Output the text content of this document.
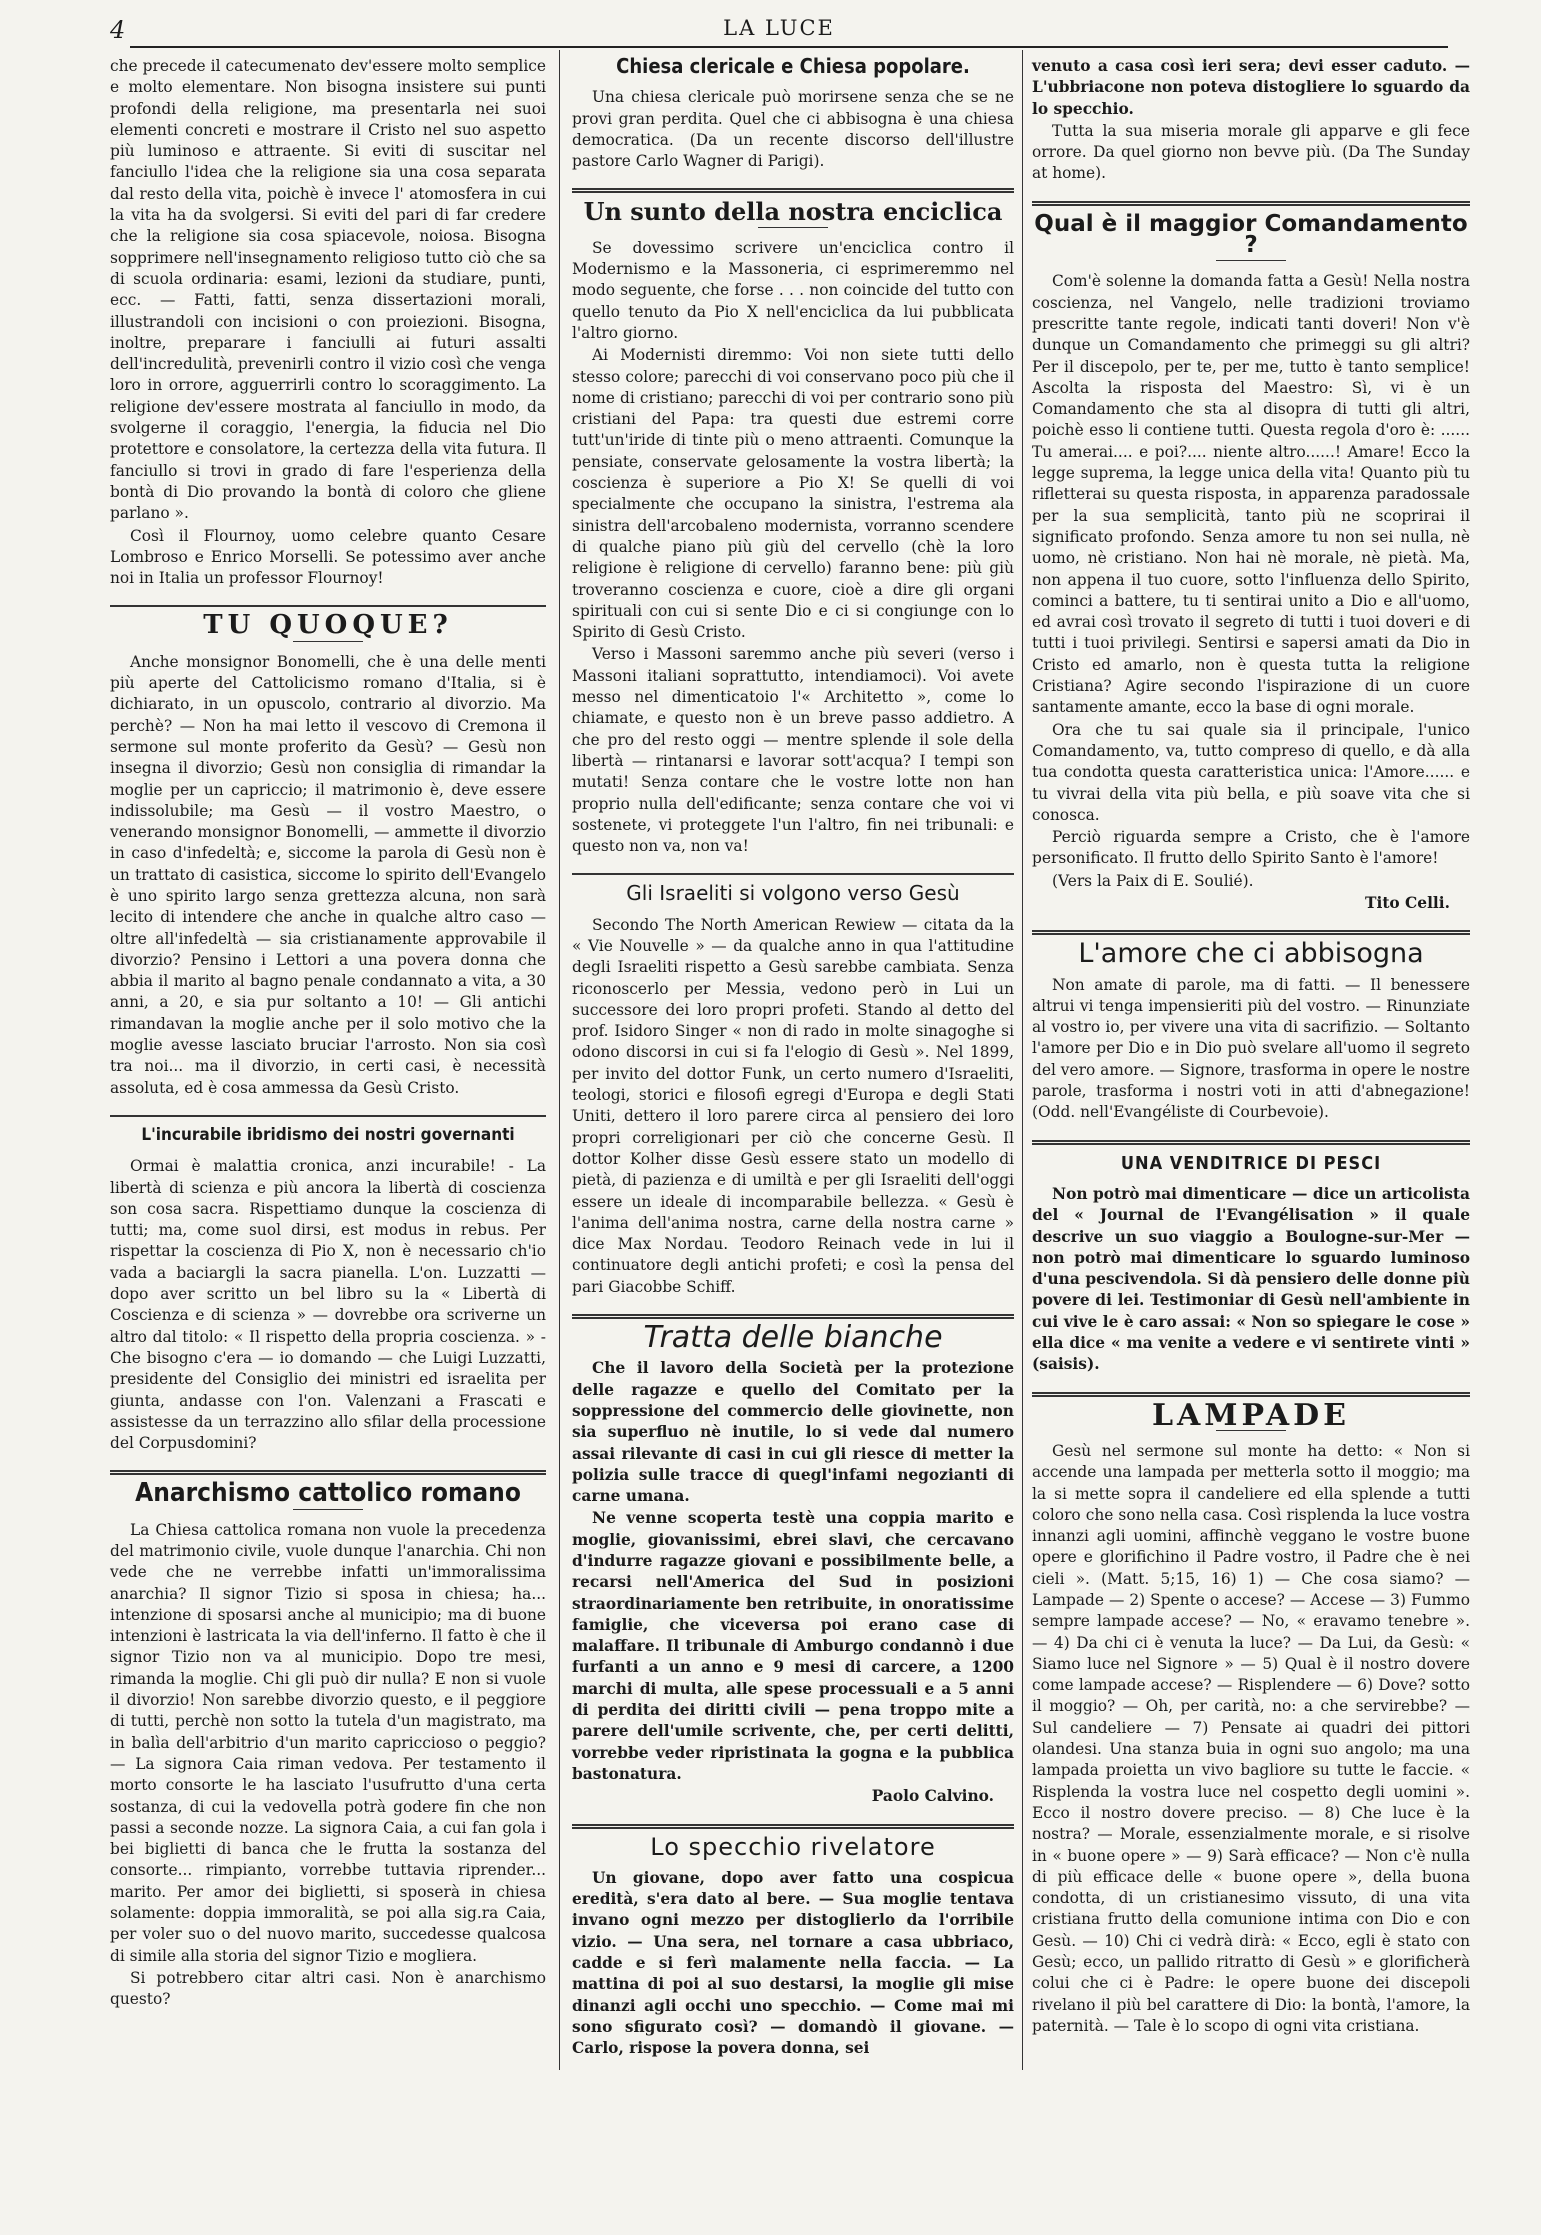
4	LA LUCE

che precede il catecumenato dev'essere molto semplice e molto elementare. Non bisogna insistere sui punti profondi della religione, ma presentarla nei suoi elementi concreti e mostrare il Cristo nel suo aspetto più luminoso e attraente. Si eviti di suscitar nel fanciullo l'idea che la religione sia una cosa separata dal resto della vita, poichè è invece l' atomosfera in cui la vita ha da svolgersi. Si eviti del pari di far credere che la religione sia cosa spiacevole, noiosa. Bisogna sopprimere nell'insegnamento religioso tutto ciò che sa di scuola ordinaria: esami, lezioni da studiare, punti, ecc. — Fatti, fatti, senza dissertazioni morali, illustrandoli con incisioni o con proiezioni. Bisogna, inoltre, preparare i fanciulli ai futuri assalti dell'incredulità, prevenirli contro il vizio così che venga loro in orrore, agguerrirli contro lo scoraggimento. La religione dev'essere mostrata al fanciullo in modo, da svolgerne il coraggio, l'energia, la fiducia nel Dio protettore e consolatore, la certezza della vita futura. Il fanciullo si trovi in grado di fare l'esperienza della bontà di Dio provando la bontà di coloro che gliene parlano ».

Così il Flournoy, uomo celebre quanto Cesare Lombroso e Enrico Morselli. Se potessimo aver anche noi in Italia un professor Flournoy!

TU QUOQUE?

Anche monsignor Bonomelli, che è una delle menti più aperte del Cattolicismo romano d'Italia, si è dichiarato, in un opuscolo, contrario al divorzio. Ma perchè? — Non ha mai letto il vescovo di Cremona il sermone sul monte proferito da Gesù? — Gesù non insegna il divorzio; Gesù non consiglia di rimandar la moglie per un capriccio; il matrimonio è, deve essere indissolubile; ma Gesù — il vostro Maestro, o venerando monsignor Bonomelli, — ammette il divorzio in caso d'infedeltà; e, siccome la parola di Gesù non è un trattato di casistica, siccome lo spirito dell'Evangelo è uno spirito largo senza grettezza alcuna, non sarà lecito di intendere che anche in qualche altro caso — oltre all'infedeltà — sia cristianamente approvabile il divorzio? Pensino i Lettori a una povera donna che abbia il marito al bagno penale condannato a vita, a 30 anni, a 20, e sia pur soltanto a 10! — Gli antichi rimandavan la moglie anche per il solo motivo che la moglie avesse lasciato bruciar l'arrosto. Non sia così tra noi... ma il divorzio, in certi casi, è necessità assoluta, ed è cosa ammessa da Gesù Cristo.

L'incurabile ibridismo dei nostri governanti

Ormai è malattia cronica, anzi incurabile! - La libertà di scienza e più ancora la libertà di coscienza son cosa sacra. Rispettiamo dunque la coscienza di tutti; ma, come suol dirsi, est modus in rebus. Per rispettar la coscienza di Pio X, non è necessario ch'io vada a baciargli la sacra pianella. L'on. Luzzatti — dopo aver scritto un bel libro su la « Libertà di Coscienza e di scienza » — dovrebbe ora scriverne un altro dal titolo: « Il rispetto della propria coscienza. » - Che bisogno c'era — io domando — che Luigi Luzzatti, presidente del Consiglio dei ministri ed israelita per giunta, andasse con l'on. Valenzani a Frascati e assistesse da un terrazzino allo sfilar della processione del Corpusdomini?

Anarchismo cattolico romano

La Chiesa cattolica romana non vuole la precedenza del matrimonio civile, vuole dunque l'anarchia. Chi non vede che ne verrebbe infatti un'immoralissima anarchia? Il signor Tizio si sposa in chiesa; ha... intenzione di sposarsi anche al municipio; ma di buone intenzioni è lastricata la via dell'inferno. Il fatto è che il signor Tizio non va al municipio. Dopo tre mesi, rimanda la moglie. Chi gli può dir nulla? E non si vuole il divorzio! Non sarebbe divorzio questo, e il peggiore di tutti, perchè non sotto la tutela d'un magistrato, ma in balìa dell'arbitrio d'un marito capriccioso o peggio? — La signora Caia riman vedova. Per testamento il morto consorte le ha lasciato l'usufrutto d'una certa sostanza, di cui la vedovella potrà godere fin che non passi a seconde nozze. La signora Caia, a cui fan gola i bei biglietti di banca che le frutta la sostanza del consorte... rimpianto, vorrebbe tuttavia riprender... marito. Per amor dei biglietti, si sposerà in chiesa solamente: doppia immoralità, se poi alla sig.ra Caia, per voler suo o del nuovo marito, succedesse qualcosa di simile alla storia del signor Tizio e mogliera.

Si potrebbero citar altri casi. Non è anarchismo questo?

Chiesa clericale e Chiesa popolare.

Una chiesa clericale può morirsene senza che se ne provi gran perdita. Quel che ci abbisogna è una chiesa democratica. (Da un recente discorso dell'illustre pastore Carlo Wagner di Parigi).

Un sunto della nostra enciclica

Se dovessimo scrivere un'enciclica contro il Modernismo e la Massoneria, ci esprimeremmo nel modo seguente, che forse . . . non coincide del tutto con quello tenuto da Pio X nell'enciclica da lui pubblicata l'altro giorno.

Ai Modernisti diremmo: Voi non siete tutti dello stesso colore; parecchi di voi conservano poco più che il nome di cristiano; parecchi di voi per contrario sono più cristiani del Papa: tra questi due estremi corre tutt'un'iride di tinte più o meno attraenti. Comunque la pensiate, conservate gelosamente la vostra libertà; la coscienza è superiore a Pio X! Se quelli di voi specialmente che occupano la sinistra, l'estrema ala sinistra dell'arcobaleno modernista, vorranno scendere di qualche piano più giù del cervello (chè la loro religione è religione di cervello) faranno bene: più giù troveranno coscienza e cuore, cioè a dire gli organi spirituali con cui si sente Dio e ci si congiunge con lo Spirito di Gesù Cristo.

Verso i Massoni saremmo anche più severi (verso i Massoni italiani soprattutto, intendiamoci). Voi avete messo nel dimenticatoio l'« Architetto », come lo chiamate, e questo non è un breve passo addietro. A che pro del resto oggi — mentre splende il sole della libertà — rintanarsi e lavorar sott'acqua? I tempi son mutati! Senza contare che le vostre lotte non han proprio nulla dell'edificante; senza contare che voi vi sostenete, vi proteggete l'un l'altro, fin nei tribunali: e questo non va, non va!

Gli Israeliti si volgono verso Gesù

Secondo The North American Rewiew — citata da la « Vie Nouvelle » — da qualche anno in qua l'attitudine degli Israeliti rispetto a Gesù sarebbe cambiata. Senza riconoscerlo per Messia, vedono però in Lui un successore dei loro propri profeti. Stando al detto del prof. Isidoro Singer « non di rado in molte sinagoghe si odono discorsi in cui si fa l'elogio di Gesù ». Nel 1899, per invito del dottor Funk, un certo numero d'Israeliti, teologi, storici e filosofi egregi d'Europa e degli Stati Uniti, dettero il loro parere circa al pensiero dei loro propri correligionari per ciò che concerne Gesù. Il dottor Kolher disse Gesù essere stato un modello di pietà, di pazienza e di umiltà e per gli Israeliti dell'oggi essere un ideale di incomparabile bellezza. « Gesù è l'anima dell'anima nostra, carne della nostra carne » dice Max Nordau. Teodoro Reinach vede in lui il continuatore degli antichi profeti; e così la pensa del pari Giacobbe Schiff.

Tratta delle bianche

Che il lavoro della Società per la protezione delle ragazze e quello del Comitato per la soppressione del commercio delle giovinette, non sia superfluo nè inutile, lo si vede dal numero assai rilevante di casi in cui gli riesce di metter la polizia sulle tracce di quegl'infami negozianti di carne umana.

Ne venne scoperta testè una coppia marito e moglie, giovanissimi, ebrei slavi, che cercavano d'indurre ragazze giovani e possibilmente belle, a recarsi nell'America del Sud in posizioni straordinariamente ben retribuite, in onoratissime famiglie, che viceversa poi erano case di malaffare. Il tribunale di Amburgo condannò i due furfanti a un anno e 9 mesi di carcere, a 1200 marchi di multa, alle spese processuali e a 5 anni di perdita dei diritti civili — pena troppo mite a parere dell'umile scrivente, che, per certi delitti, vorrebbe veder ripristinata la gogna e la pubblica bastonatura.

Paolo Calvino.
Lo specchio rivelatore

Un giovane, dopo aver fatto una cospicua eredità, s'era dato al bere. — Sua moglie tentava invano ogni mezzo per distoglierlo da l'orribile vizio. — Una sera, nel tornare a casa ubbriaco, cadde e si ferì malamente nella faccia. — La mattina di poi al suo destarsi, la moglie gli mise dinanzi agli occhi uno specchio. — Come mai mi sono sfigurato così? — domandò il giovane. — Carlo, rispose la povera donna, sei

venuto a casa così ieri sera; devi esser caduto. — L'ubbriacone non poteva distogliere lo sguardo da lo specchio.

Tutta la sua miseria morale gli apparve e gli fece orrore. Da quel giorno non bevve più. (Da The Sunday at home).

Qual è il maggior Comandamento ?

Com'è solenne la domanda fatta a Gesù! Nella nostra coscienza, nel Vangelo, nelle tradizioni troviamo prescritte tante regole, indicati tanti doveri! Non v'è dunque un Comandamento che primeggi su gli altri? Per il discepolo, per te, per me, tutto è tanto semplice! Ascolta la risposta del Maestro: Sì, vi è un Comandamento che sta al disopra di tutti gli altri, poichè esso li contiene tutti. Questa regola d'oro è: ...... Tu amerai.... e poi?.... niente altro......! Amare! Ecco la legge suprema, la legge unica della vita! Quanto più tu rifletterai su questa risposta, in apparenza paradossale per la sua semplicità, tanto più ne scoprirai il significato profondo. Senza amore tu non sei nulla, nè uomo, nè cristiano. Non hai nè morale, nè pietà. Ma, non appena il tuo cuore, sotto l'influenza dello Spirito, cominci a battere, tu ti sentirai unito a Dio e all'uomo, ed avrai così trovato il segreto di tutti i tuoi doveri e di tutti i tuoi privilegi. Sentirsi e sapersi amati da Dio in Cristo ed amarlo, non è questa tutta la religione Cristiana? Agire secondo l'ispirazione di un cuore santamente amante, ecco la base di ogni morale.

Ora che tu sai quale sia il principale, l'unico Comandamento, va, tutto compreso di quello, e dà alla tua condotta questa caratteristica unica: l'Amore...... e tu vivrai della vita più bella, e più soave vita che si conosca.

Perciò riguarda sempre a Cristo, che è l'amore personificato. Il frutto dello Spirito Santo è l'amore!

(Vers la Paix di E. Soulié).

Tito Celli.
L'amore che ci abbisogna

Non amate di parole, ma di fatti. — Il benessere altrui vi tenga impensieriti più del vostro. — Rinunziate al vostro io, per vivere una vita di sacrifizio. — Soltanto l'amore per Dio e in Dio può svelare all'uomo il segreto del vero amore. — Signore, trasforma in opere le nostre parole, trasforma i nostri voti in atti d'abnegazione! (Odd. nell'Evangéliste di Courbevoie).

UNA VENDITRICE DI PESCI

Non potrò mai dimenticare — dice un articolista del « Journal de l'Evangélisation » il quale descrive un suo viaggio a Boulogne-sur-Mer — non potrò mai dimenticare lo sguardo luminoso d'una pescivendola. Si dà pensiero delle donne più povere di lei. Testimoniar di Gesù nell'ambiente in cui vive le è caro assai: « Non so spiegare le cose » ella dice « ma venite a vedere e vi sentirete vinti » (saisis).

LAMPADE

Gesù nel sermone sul monte ha detto: « Non si accende una lampada per metterla sotto il moggio; ma la si mette sopra il candeliere ed ella splende a tutti coloro che sono nella casa. Così risplenda la luce vostra innanzi agli uomini, affinchè veggano le vostre buone opere e glorifichino il Padre vostro, il Padre che è nei cieli ». (Matt. 5;15, 16) 1) — Che cosa siamo? — Lampade — 2) Spente o accese? — Accese — 3) Fummo sempre lampade accese? — No, « eravamo tenebre ». — 4) Da chi ci è venuta la luce? — Da Lui, da Gesù: « Siamo luce nel Signore » — 5) Qual è il nostro dovere come lampade accese? — Risplendere — 6) Dove? sotto il moggio? — Oh, per carità, no: a che servirebbe? — Sul candeliere — 7) Pensate ai quadri dei pittori olandesi. Una stanza buia in ogni suo angolo; ma una lampada proietta un vivo bagliore su tutte le faccie. « Risplenda la vostra luce nel cospetto degli uomini ». Ecco il nostro dovere preciso. — 8) Che luce è la nostra? — Morale, essenzialmente morale, e si risolve in « buone opere » — 9) Sarà efficace? — Non c'è nulla di più efficace delle « buone opere », della buona condotta, di un cristianesimo vissuto, di una vita cristiana frutto della comunione intima con Dio e con Gesù. — 10) Chi ci vedrà dirà: « Ecco, egli è stato con Gesù; ecco, un pallido ritratto di Gesù » e glorificherà colui che ci è Padre: le opere buone dei discepoli rivelano il più bel carattere di Dio: la bontà, l'amore, la paternità. — Tale è lo scopo di ogni vita cristiana.
